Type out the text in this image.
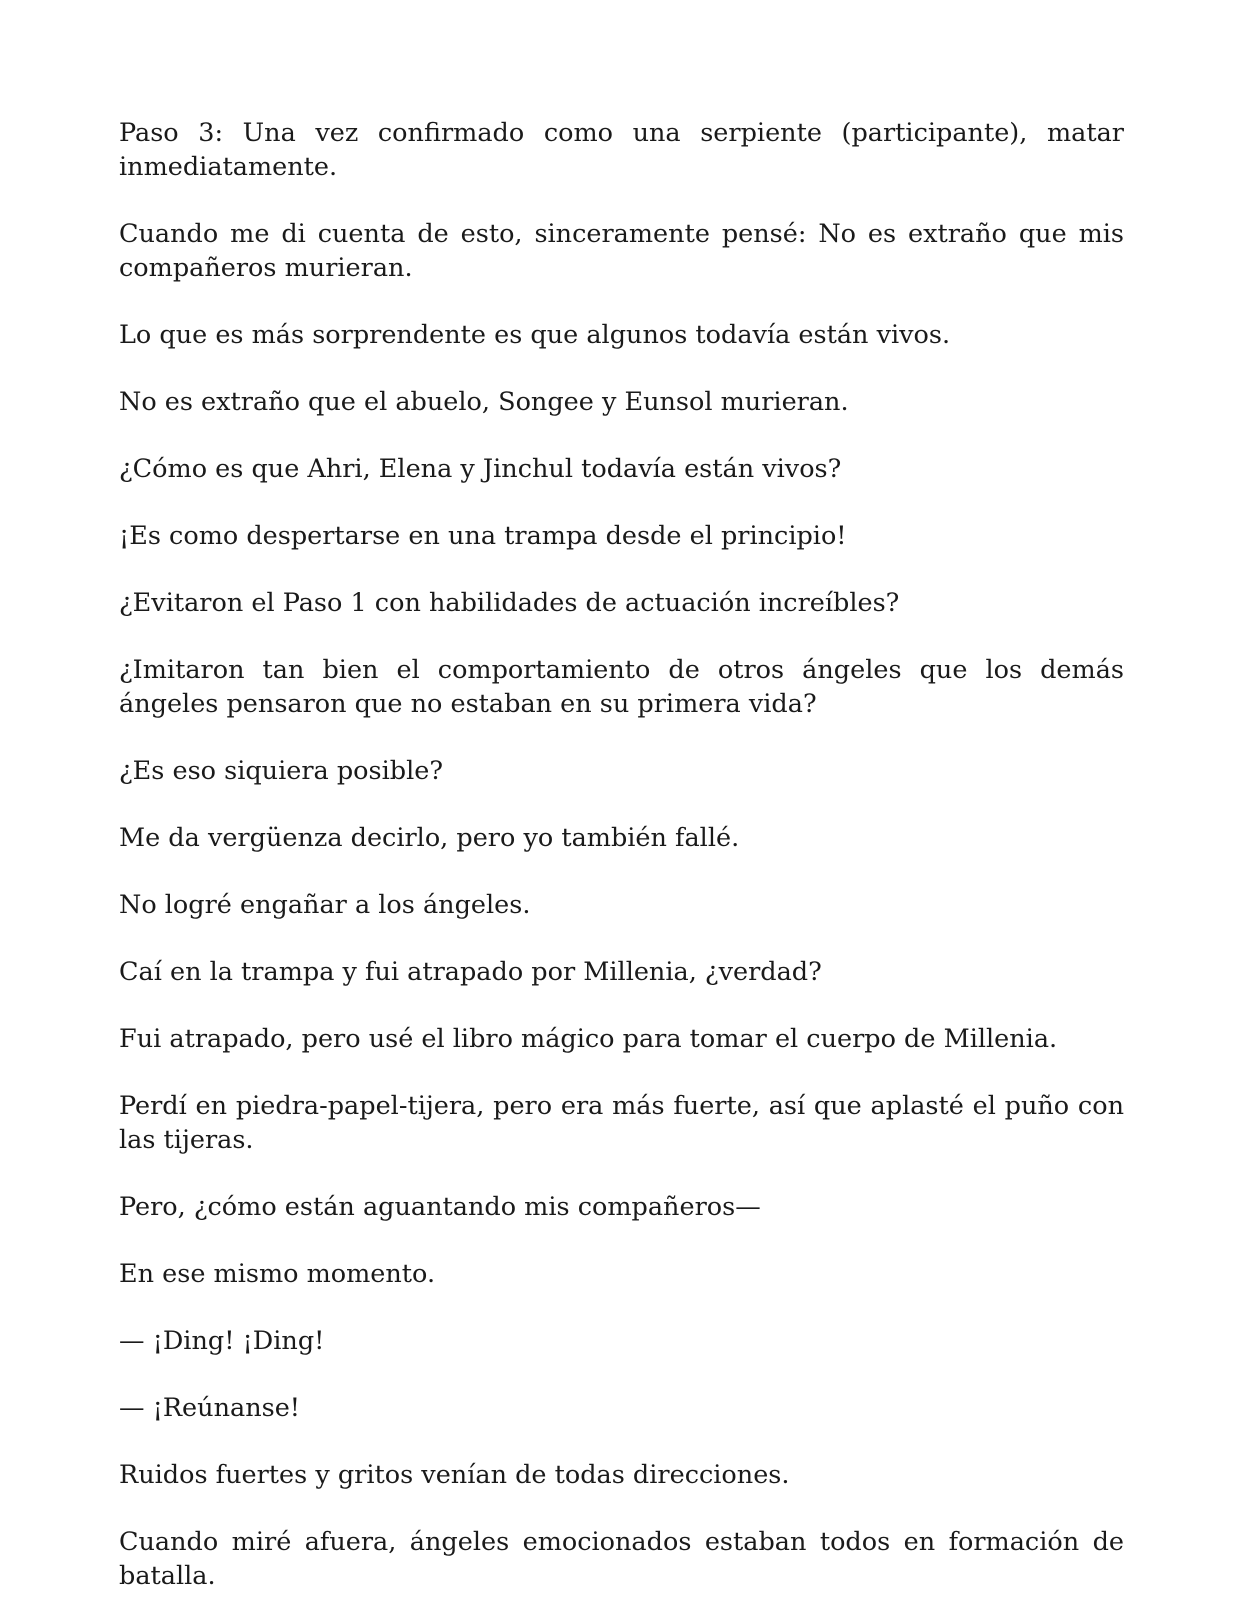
Paso 3: Una vez confirmado como una serpiente (participante), matar inmediatamente.

Cuando me di cuenta de esto, sinceramente pensé: No es extraño que mis compañeros murieran.

Lo que es más sorprendente es que algunos todavía están vivos.

No es extraño que el abuelo, Songee y Eunsol murieran.

¿Cómo es que Ahri, Elena y Jinchul todavía están vivos?

¡Es como despertarse en una trampa desde el principio!

¿Evitaron el Paso 1 con habilidades de actuación increíbles?

¿Imitaron tan bien el comportamiento de otros ángeles que los demás ángeles pensaron que no estaban en su primera vida?

¿Es eso siquiera posible?

Me da vergüenza decirlo, pero yo también fallé.

No logré engañar a los ángeles.

Caí en la trampa y fui atrapado por Millenia, ¿verdad?

Fui atrapado, pero usé el libro mágico para tomar el cuerpo de Millenia.

Perdí en piedra-papel-tijera, pero era más fuerte, así que aplasté el puño con las tijeras.

Pero, ¿cómo están aguantando mis compañeros—

En ese mismo momento.

— ¡Ding! ¡Ding!

— ¡Reúnanse!

Ruidos fuertes y gritos venían de todas direcciones.

Cuando miré afuera, ángeles emocionados estaban todos en formación de batalla.
